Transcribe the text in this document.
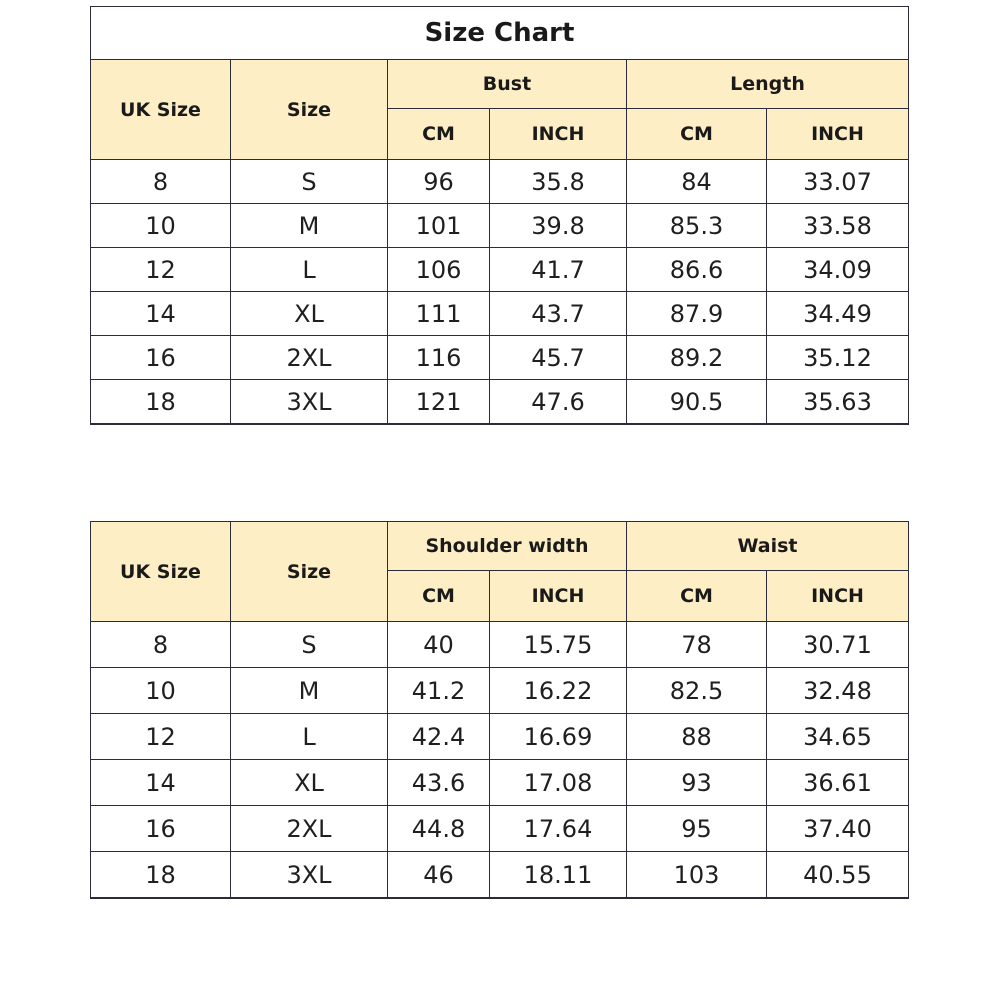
Size Chart					
UK Size	Size	Bust		Length	
		CM	INCH	CM	INCH
8	S	96	35.8	84	33.07
10	M	101	39.8	85.3	33.58
12	L	106	41.7	86.6	34.09
14	XL	111	43.7	87.9	34.49
16	2XL	116	45.7	89.2	35.12
18	3XL	121	47.6	90.5	35.63
UK Size	Size	Shoulder width		Waist	
		CM	INCH	CM	INCH
8	S	40	15.75	78	30.71
10	M	41.2	16.22	82.5	32.48
12	L	42.4	16.69	88	34.65
14	XL	43.6	17.08	93	36.61
16	2XL	44.8	17.64	95	37.40
18	3XL	46	18.11	103	40.55
